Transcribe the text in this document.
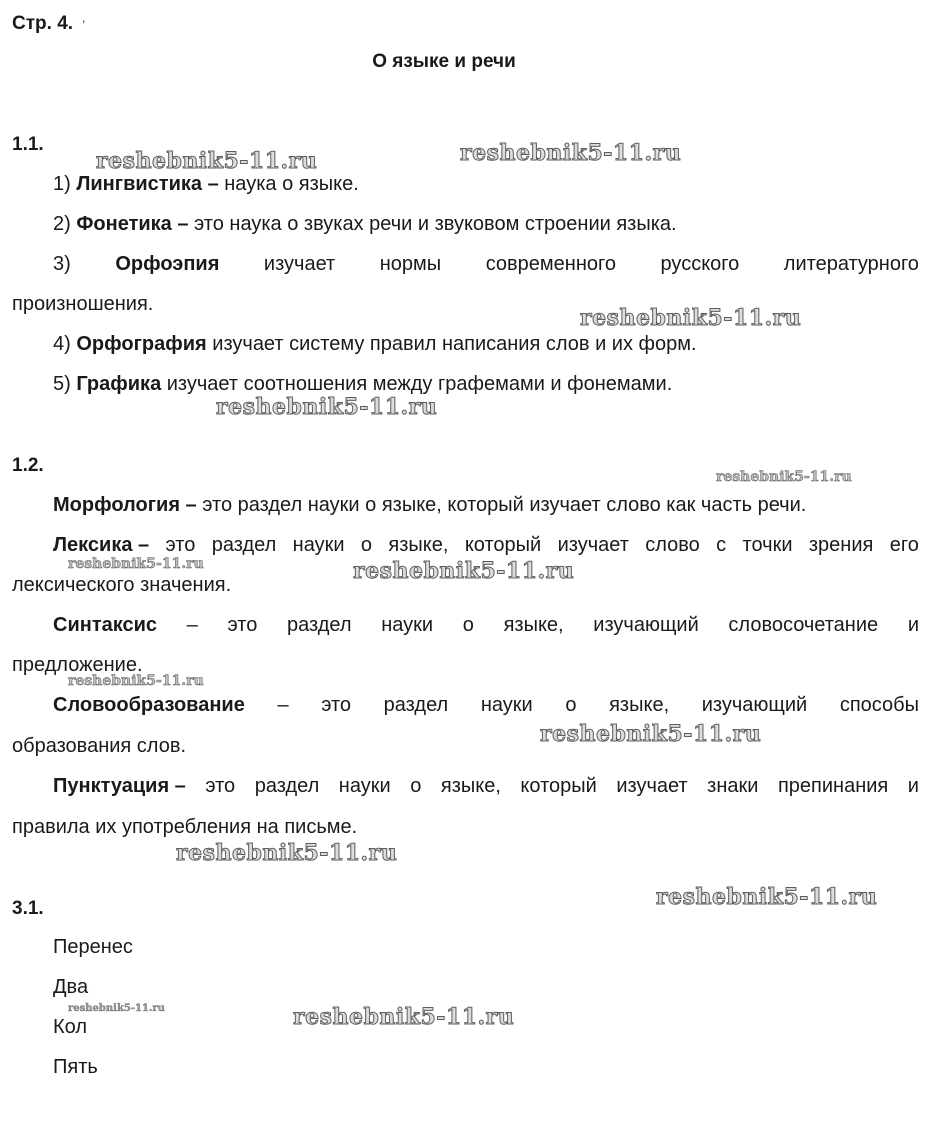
Стр. 4. ’
О языке и речи
1.1.
1) Лингвистика – наука о языке.
2) Фонетика – это наука о звуках речи и звуковом строении языка.
3) Орфоэпия изучает нормы современного русского литературного
произношения.
4) Орфография изучает систему правил написания слов и их форм.
5) Графика изучает соотношения между графемами и фонемами.
1.2.
Морфология – это раздел науки о языке, который изучает слово как часть речи.
Лексика – это раздел науки о языке, который изучает слово с точки зрения его
лексического значения.
Синтаксис – это раздел науки о языке, изучающий словосочетание и
предложение.
Словообразование – это раздел науки о языке, изучающий способы
образования слов.
Пунктуация – это раздел науки о языке, который изучает знаки препинания и
правила их употребления на письме.
3.1.
Перенес
Два
Кол
Пять
reshebnik5-11.ru	reshebnik5-11.ru
reshebnik5-11.ru
reshebnik5-11.ru
reshebnik5-11.ru
reshebnik5-11.ru	reshebnik5-11.ru
reshebnik5-11.ru
reshebnik5-11.ru
reshebnik5-11.ru
reshebnik5-11.ru
reshebnik5-11.ru	reshebnik5-11.ru
